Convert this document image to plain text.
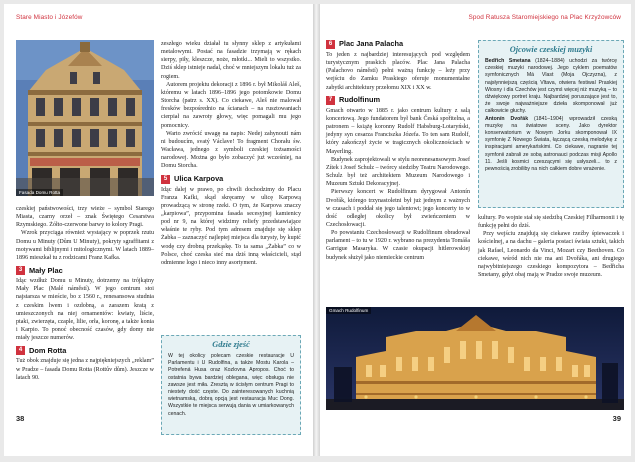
Stare Miasto i Józefów
Fasada Domu Rotta

czeskiej państwowości, trzy wieże – symbol Starego Miasta, czarny orzeł – znak Świętego Cesarstwa Rzymskiego. Żółto-czerwone barwy to kolory Pragi.

Wzrok przyciąga również wystający w poprzek rzutu Domu u Minuty (Dům U Minuty), pokryty sgraffitami z motywami biblijnymi i mitologicznymi. W latach 1889–1896 mieszkał tu z rodzicami Franz Kafka.

3 Mały Plac

Idąc wzdłuż Domu u Minuty, dotrzemy na trójkątny Mały Plac (Malé náměstí). W jego centrum stoi najstarsza w mieście, bo z 1560 r., renesansowa studnia z czeskim lwem i ozdobną, a zarazem kratą z umieszczonych na niej ornamentów: kwiaty, liście, ptaki, zwierzęta, czaple, lilie, orła, koronę, a także konia i Karpio. To ponoć obecność czasów, gdy domy nie miały jeszcze numerów.

4 Dom Rotta

Tuż obok znajduje się jedna z najpiękniejszych „reklam” w Pradze – fasada Domu Rotta (Rottův dům). Jeszcze w latach 90.

zeszłego wieku działał tu słynny sklep z artykułami metalowymi. Postać na fasadzie trzymają w rękach sierpy, piły, kleszcze, noże, młotki... Mieli to wszystko. Dziś sklep istnieje nadal, choć w mniejszym lokalu tuż za rogiem.

Autorem projektu dekoracji z 1896 r. był Mikoláš Aleš, któremu w latach 1896–1896 jego potomkowie Domu Storcha (patrz s. XX). Co ciekawe, Aleš nie malował fresków bezpośrednio na ścianach – na rusztowaniach cierpiał na zawroty głowy, więc pomagali mu jego pomocnicy.

Warto zwrócić uwagę na napis: Nedej zahynouti nám ni budoucím, svatý Václave! To fragment Chorału św. Wacława, jednego z symboli czeskiej tożsamości narodowej. Można go było zobaczyć już wcześniej, na Domu Storcha.

5 Ulica Karpova

Idąc dalej w prawo, po chwili dochodzimy do Placu Franza Kafki, skąd skręcamy w ulicę Karpową prowadzącą w stronę rzeki. O tym, że Karpova znaczy „karpiowa”, przypomina fasada secesyjnej kamienicy pod nr 9, na której widzimy reliefy przedstawiające właśnie te ryby. Pod tym adresem znajduje się sklep Żabka – zaznaczyć najlepiej miejsca dla turysty, by kupić wodę czy drobną przekąskę. To ta sama „Żabka” co w Polsce, choć czeska sieć ma dziś inną właścicieli, stąd odmienne logo i nieco inny asortyment.

Gdzie zjeść
W tej okolicy polecam czeskie restauracje U Parlamentu i U Rudolfina, a także Mostu Karola – Potrefená Husa oraz Kozlovna Apropos. Choć to ostatnia bywa bardziej oblegana, więc obsługa nie zawsze jest miła. Zresztą w ścisłym centrum Pragi to niestety dość częste. Do zainteresowanych kuchnią wietnamską, dobrą opcją jest restauracja Muc Dong. Wszystkie te miejsca serwują dania w umiarkowanych cenach.
38
Spod Ratusza Staromiejskiego na Plac Krzyżowców
6 Plac Jana Palacha

To jeden z najbardziej interesujących pod względem turystycznym praskich placów. Plac Jana Palacha (Palachovo náměstí) pełni ważną funkcję – leży przy wejściu do Zamku Praskiego oferuje monumentalne zabytki architektury przełomu XIX i XX w.

7 Rudolfinum

Gmach otwarto w 1885 r. jako centrum kultury z salą koncertową. Jego fundatorem był bank Česká spořitelna, a patronem – książę koronny Rudolf Habsburg-Lotaryński, jedyny syn cesarza Franciszka Józefa. To ten sam Rudolf, który zakończył życie w tragicznych okolicznościach w Mayerling.

Budynek zaprojektowali w stylu neorenesansowym Josef Zítek i Josef Schulz – twórcy siedziby Teatru Narodowego. Schulz był też architektem Muzeum Narodowego i Muzeum Sztuki Dekoracyjnej.

Pierwszy koncert w Rudolfinum dyrygował Antonín Dvořák, którego trzynastoletni był już jednym z ważnych w czasach i poddał się jego talentowi; jego koncerty to w dość odległej okolicy był zwieńczeniem w Czechosłowacji.

Po powstaniu Czechosłowacji w Rudolfinum obradował parlament – to tu w 1920 r. wybrano na prezydenta Tomáša Garrigue Masaryka. W czasie okupacji hitlerowskiej budynek służył jako niemieckie centrum

Ojcowie czeskiej muzyki

Bedřich Smetana (1824–1884) uchodzi za twórcę czeskiej muzyki narodowej. Jego cyklem poematów symfonicznych Má Vlast (Moja Ojczyzna), z najsłynniejszą częścią Vltava, otwiera festiwal Praskiej Wiosny i dla Czechów jest czymś więcej niż muzyką – to dźwiękowy portret kraju. Najbardziej poruszające jest to, że swoje najważniejsze dzieła skomponował już całkowicie głuchy.

Antonín Dvořák (1841–1904) wprowadził czeską muzykę na światowe sceny. Jako dyrektor konserwatorium w Nowym Jorku skomponował IX symfonię Z Nowego Świata, łączącą czeską melodykę z inspiracjami amerykańskimi. Co ciekawe, nagranie tej symfonii zabrali ze sobą astronauci podczas misji Apollo 11. Jeśli kosmici czeszącymi się usłyszeli... to z pewnością zrobiliby na nich całkiem dobre wrażenie.

kultury. Po wojnie stał się siedzibą Czeskiej Filharmonii i tę funkcję pełni do dziś.

Przy wejściu znajdują się ciekawe rzeźby śpiewaczek i kościelnej, a na dachu – galeria postaci świata sztuki, takich jak Rafael, Leonardo da Vinci, Mozart czy Beethoven. Co ciekawe, wśród nich nie ma ani Dvořáka, ani drugiego najwybitniejszego czeskiego kompozytora – Bedřicha Smetany, gdyż obaj mają w Pradze swoje muzeum.

Gmach Rudolfinum
39
